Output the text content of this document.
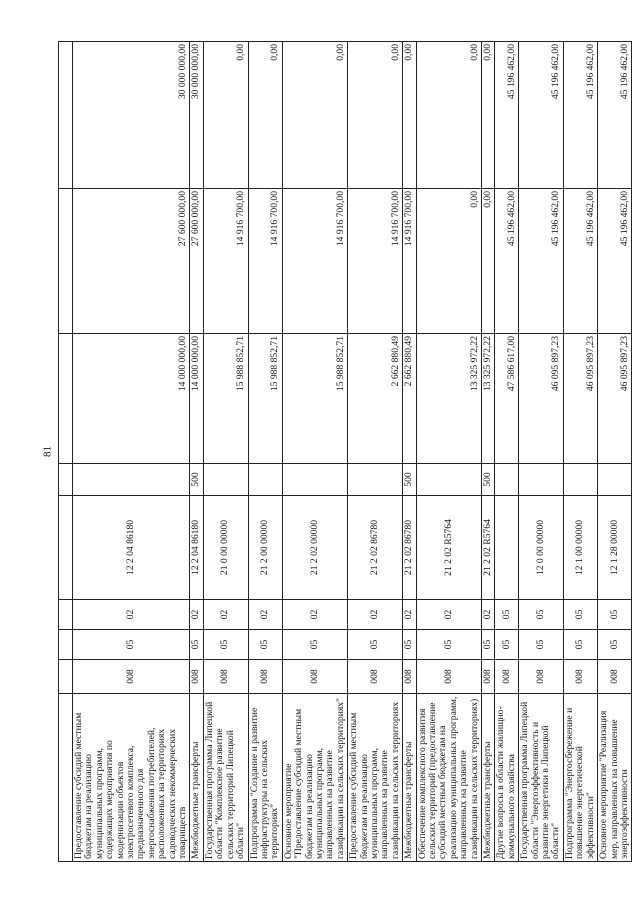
81

Предоставление субсидий местным бюджетам на реализацию муниципальных программ, содержащих мероприятия по модернизации объектов электросетевого комплекса, предназначенного для энергоснабжения потребителей, расположенных на территориях садоводческих некоммерческих товариществ	008	05	02	12 2 04 86180		14 000 000,00	27 600 000,00	30 000 000,00
Межбюджетные трансферты	008	05	02	12 2 04 86180	500	14 000 000,00	27 600 000,00	30 000 000,00
Государственная программа Липецкой области "Комплексное развитие сельских территорий Липецкой области"	008	05	02	21 0 00 00000		15 988 852,71	14 916 700,00	0,00
Подпрограмма "Создание и развитие инфраструктуры на сельских территориях"	008	05	02	21 2 00 00000		15 988 852,71	14 916 700,00	0,00
Основное мероприятие "Предоставление субсидий местным бюджетам на реализацию муниципальных программ, направленных на развитие газификации на сельских территориях"	008	05	02	21 2 02 00000		15 988 852,71	14 916 700,00	0,00
Предоставление субсидий местным бюджетам на реализацию муниципальных программ, направленных на развитие газификации на сельских территориях	008	05	02	21 2 02 86780		2 662 880,49	14 916 700,00	0,00
Межбюджетные трансферты	008	05	02	21 2 02 86780	500	2 662 880,49	14 916 700,00	0,00
Обеспечение комплексного развития сельских территорий (предоставление субсидий местным бюджетам на реализацию муниципальных программ, направленных на развитие газификации на сельских территориях)	008	05	02	21 2 02 R5764		13 325 972,22	0,00	0,00
Межбюджетные трансферты	008	05	02	21 2 02 R5764	500	13 325 972,22	0,00	0,00
Другие вопросы в области жилищно-коммунального хозяйства	008	05	05			47 586 617,00	45 196 462,00	45 196 462,00
Государственная программа Липецкой области "Энергоэффективность и развитие энергетики в Липецкой области"	008	05	05	12 0 00 00000		46 095 897,23	45 196 462,00	45 196 462,00
Подпрограмма "Энергосбережение и повышение энергетической эффективности"	008	05	05	12 1 00 00000		46 095 897,23	45 196 462,00	45 196 462,00
Основное мероприятие "Реализация мер, направленных на повышение энергоэффективности	008	05	05	12 1 28 00000		46 095 897,23	45 196 462,00	45 196 462,00
